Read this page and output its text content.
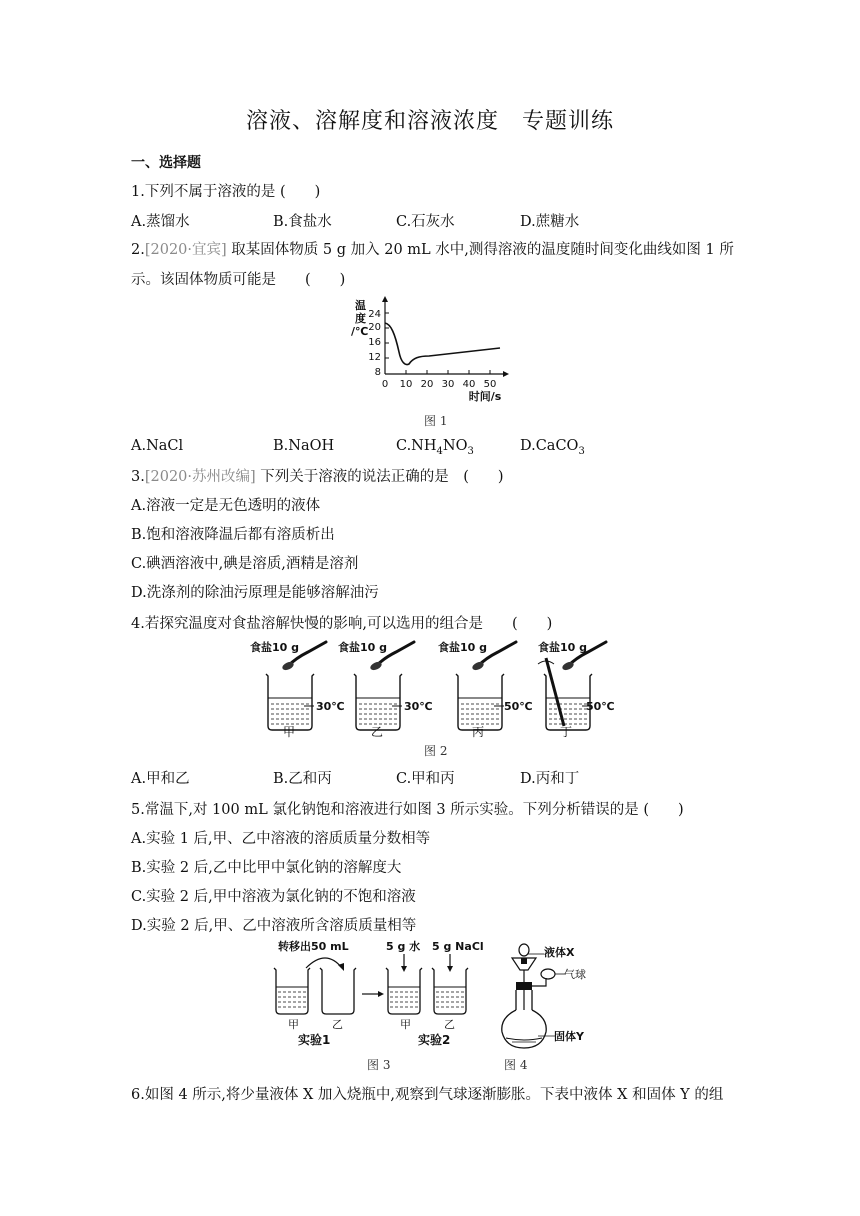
溶液、溶解度和溶液浓度　专题训练
一、选择题
1.下列不属于溶液的是 (　　)
A.蒸馏水	B.食盐水	C.石灰水	D.蔗糖水
2.[2020·宜宾] 取某固体物质 5 g 加入 20 mL 水中,测得溶液的温度随时间变化曲线如图 1 所
示。该固体物质可能是　　(　　)
温
度
/℃
24
20
16
12
8
0 10 20 30 40 50
时间/s
图 1
A.NaCl	B.NaOH	$C.NH_4NO_3$	D.CaCO$_3$
3.[2020·苏州改编] 下列关于溶液的说法正确的是　(　　)
A.溶液一定是无色透明的液体
B.饱和溶液降温后都有溶质析出
C.碘酒溶液中,碘是溶质,酒精是溶剂
D.洗涤剂的除油污原理是能够溶解油污
4.若探究温度对食盐溶解快慢的影响,可以选用的组合是　　(　　)
食盐10 g
30℃
甲
食盐10 g
30℃
乙
食盐10 g
50℃
丙
食盐10 g
50℃
丁
图 2
A.甲和乙	B.乙和丙	C.甲和丙	D.丙和丁
5.常温下,对 100 mL 氯化钠饱和溶液进行如图 3 所示实验。下列分析错误的是 (　　)
A.实验 1 后,甲、乙中溶液的溶质质量分数相等
B.实验 2 后,乙中比甲中氯化钠的溶解度大
C.实验 2 后,甲中溶液为氯化钠的不饱和溶液
D.实验 2 后,甲、乙中溶液所含溶质质量相等
转移出50 mL
甲	乙
实验1
5 g 水 5 g NaCl
甲	乙
实验2
液体X
气球
固体Y
图 3	图 4
6.如图 4 所示,将少量液体 X 加入烧瓶中,观察到气球逐渐膨胀。下表中液体 X 和固体 Y 的组
